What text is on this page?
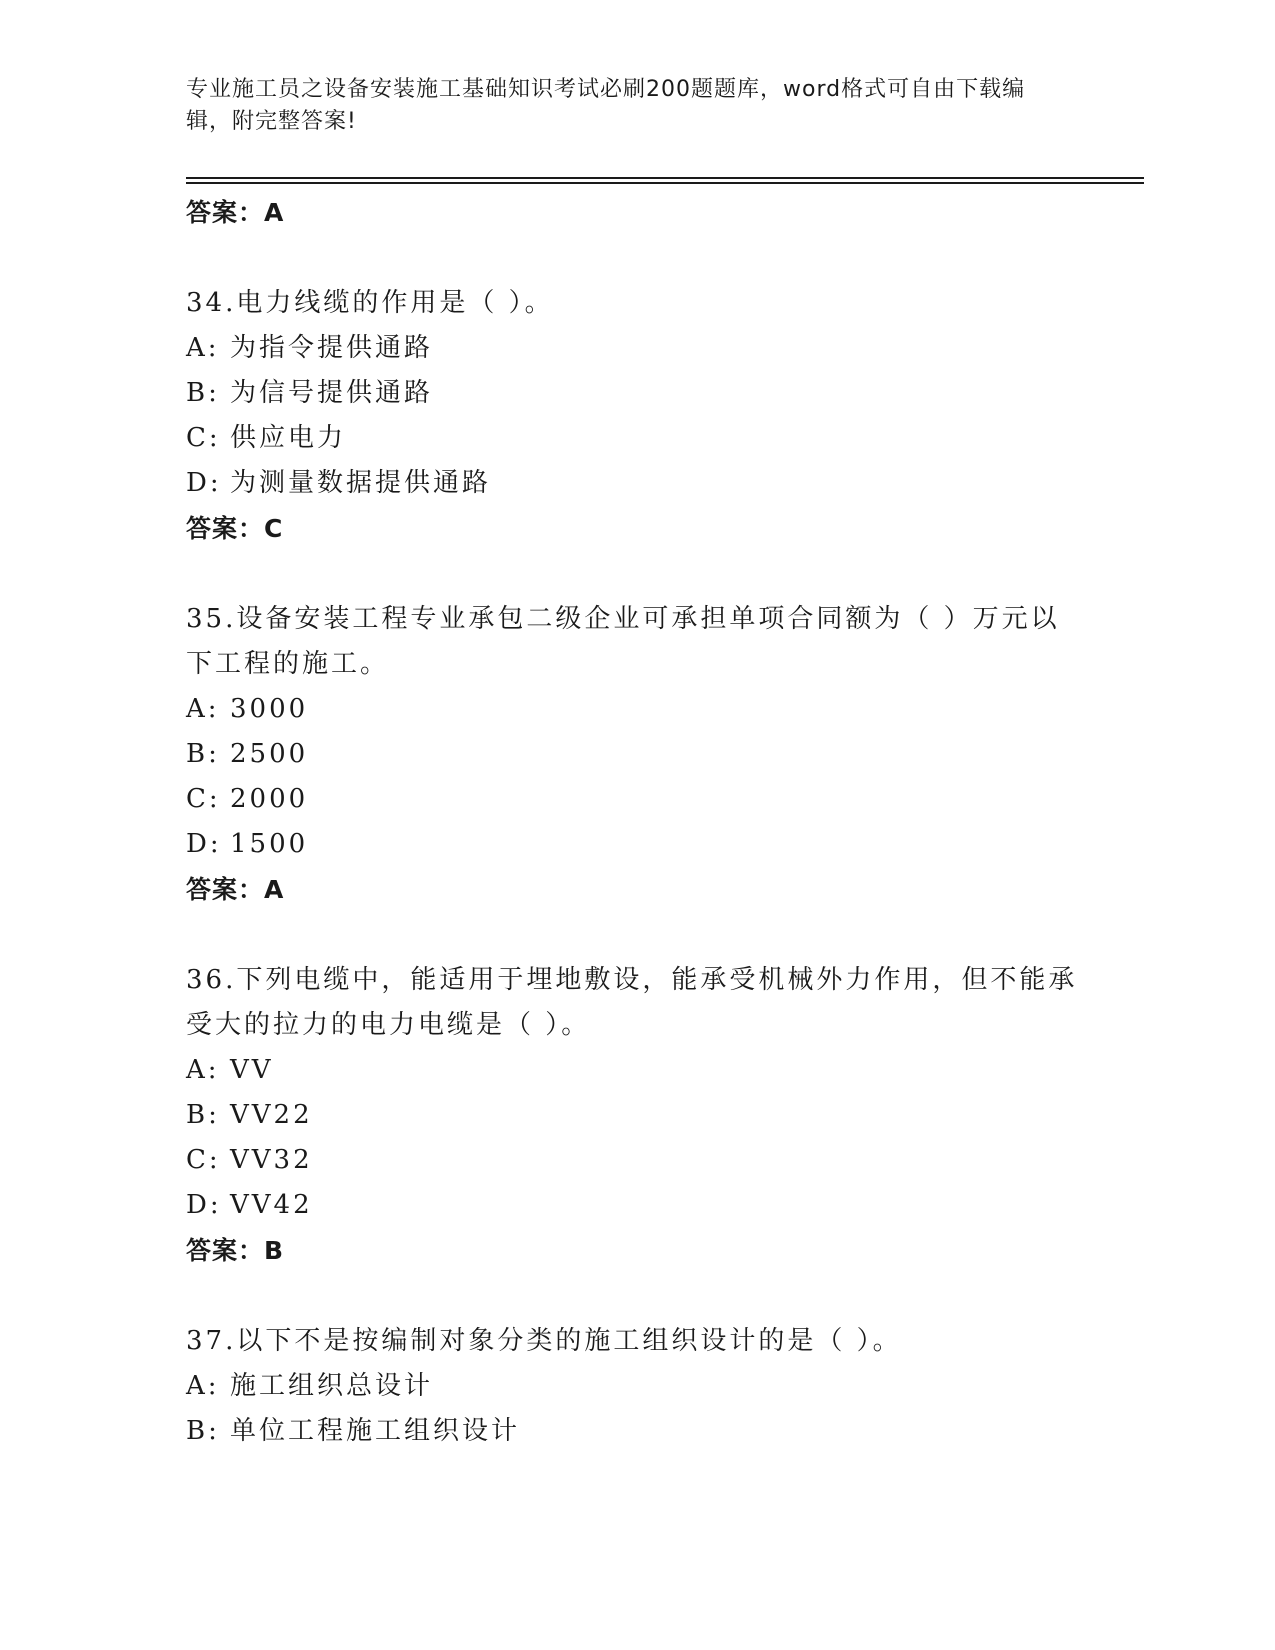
专业施工员之设备安装施工基础知识考试必刷200题题库，word格式可自由下载编辑，附完整答案!
答案：A

34.电力线缆的作用是（ ）。

A: 为指令提供通路
B: 为信号提供通路
C: 供应电力
D: 为测量数据提供通路
答案：C

35.设备安装工程专业承包二级企业可承担单项合同额为（ ）万元以下工程的施工。

A: 3000
B: 2500
C: 2000
D: 1500
答案：A

36.下列电缆中，能适用于埋地敷设，能承受机械外力作用，但不能承受大的拉力的电力电缆是（ ）。

A: VV
B: VV22
C: VV32
D: VV42
答案：B

37.以下不是按编制对象分类的施工组织设计的是（ ）。

A: 施工组织总设计
B: 单位工程施工组织设计
